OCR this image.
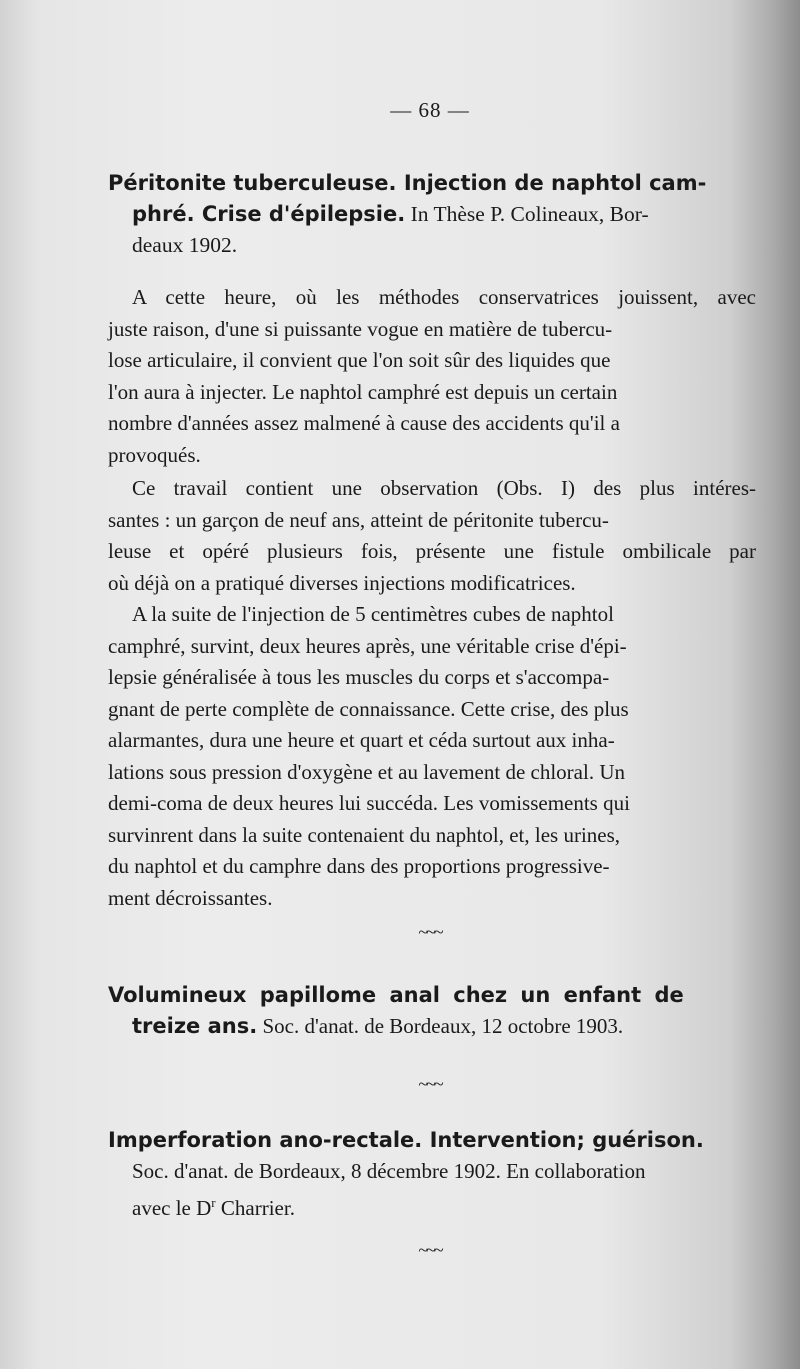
— 68 —
Péritonite tuberculeuse. Injection de naphtol cam-
phré. Crise d'épilepsie. In Thèse P. Colineaux, Bor-
deaux 1902.
A cette heure, où les méthodes conservatrices jouissent, avec
juste raison, d'une si puissante vogue en matière de tubercu-
lose articulaire, il convient que l'on soit sûr des liquides que
l'on aura à injecter. Le naphtol camphré est depuis un certain
nombre d'années assez malmené à cause des accidents qu'il a
provoqués.
Ce travail contient une observation (Obs. I) des plus intéres-
santes : un garçon de neuf ans, atteint de péritonite tubercu-
leuse et opéré plusieurs fois, présente une fistule ombilicale par
où déjà on a pratiqué diverses injections modificatrices.
A la suite de l'injection de 5 centimètres cubes de naphtol
camphré, survint, deux heures après, une véritable crise d'épi-
lepsie généralisée à tous les muscles du corps et s'accompa-
gnant de perte complète de connaissance. Cette crise, des plus
alarmantes, dura une heure et quart et céda surtout aux inha-
lations sous pression d'oxygène et au lavement de chloral. Un
demi-coma de deux heures lui succéda. Les vomissements qui
survinrent dans la suite contenaient du naphtol, et, les urines,
du naphtol et du camphre dans des proportions progressive-
ment décroissantes.
~~~
Volumineux papillome anal chez un enfant de
treize ans. Soc. d'anat. de Bordeaux, 12 octobre 1903.
~~~
Imperforation ano-rectale. Intervention; guérison.
Soc. d'anat. de Bordeaux, 8 décembre 1902. En collaboration
avec le $D^r$ Charrier.
~~~
